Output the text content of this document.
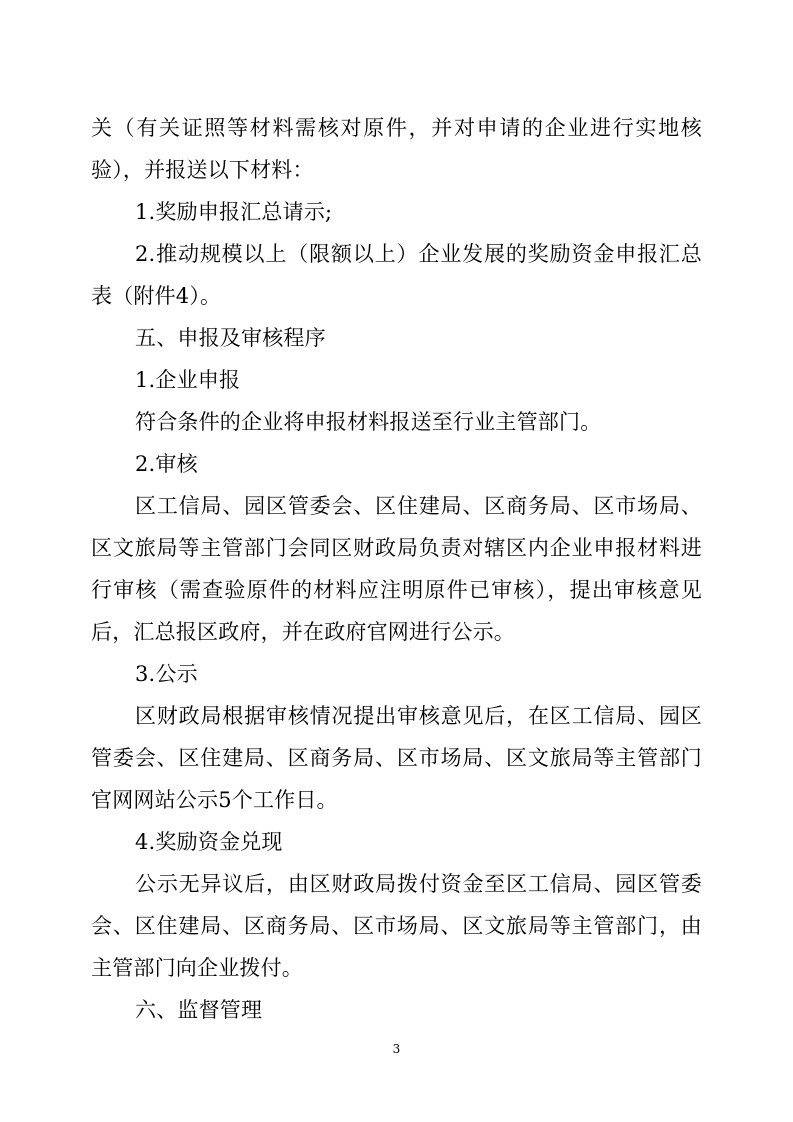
关（有关证照等材料需核对原件，并对申请的企业进行实地核验），并报送以下材料：

1.奖励申报汇总请示;

2.推动规模以上（限额以上）企业发展的奖励资金申报汇总表（附件4）。

五、申报及审核程序

1.企业申报

符合条件的企业将申报材料报送至行业主管部门。

2.审核

区工信局、园区管委会、区住建局、区商务局、区市场局、区文旅局等主管部门会同区财政局负责对辖区内企业申报材料进行审核（需查验原件的材料应注明原件已审核），提出审核意见后，汇总报区政府，并在政府官网进行公示。

3.公示

区财政局根据审核情况提出审核意见后，在区工信局、园区管委会、区住建局、区商务局、区市场局、区文旅局等主管部门官网网站公示5个工作日。

4.奖励资金兑现

公示无异议后，由区财政局拨付资金至区工信局、园区管委会、区住建局、区商务局、区市场局、区文旅局等主管部门，由主管部门向企业拨付。

六、监督管理

3
